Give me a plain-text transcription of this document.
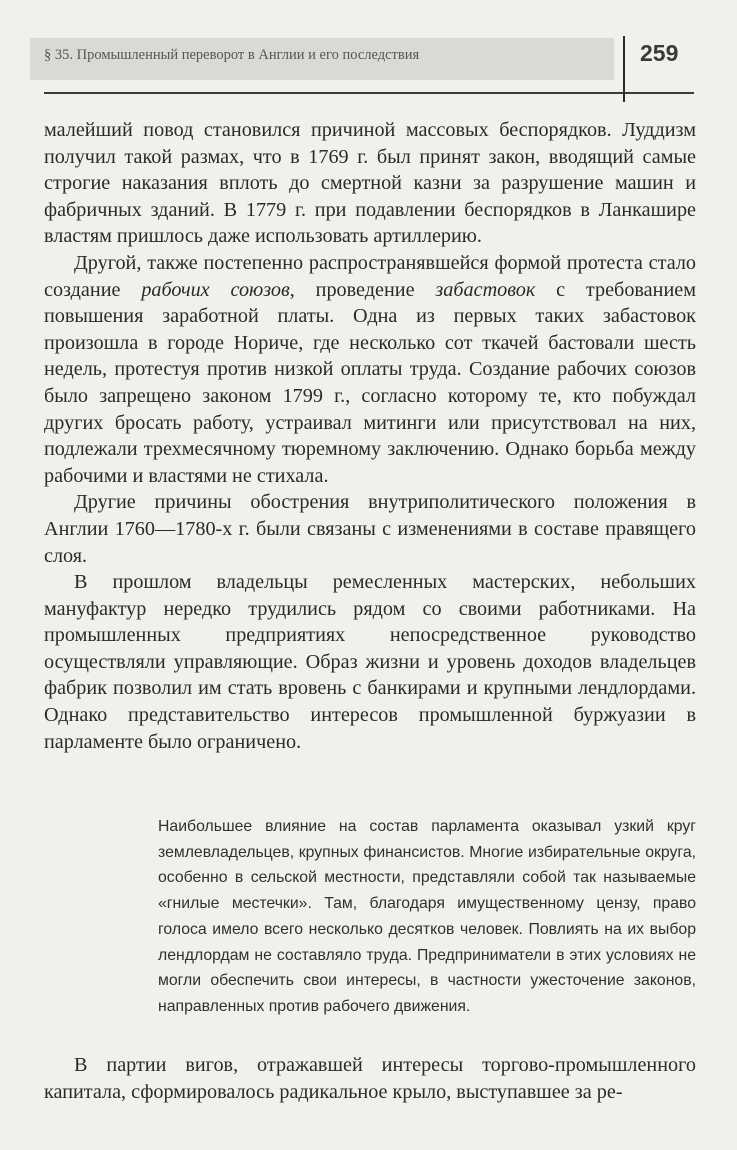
§ 35. Промышленный переворот в Англии и его последствия	259

малейший повод становился причиной массовых беспорядков. Луддизм получил такой размах, что в 1769 г. был принят закон, вводящий самые строгие наказания вплоть до смертной казни за разрушение машин и фабричных зданий. В 1779 г. при подавлении беспорядков в Ланкашире властям пришлось даже использовать артиллерию.

Другой, также постепенно распространявшейся формой протеста стало создание рабочих союзов, проведение забастовок с требованием повышения заработной платы. Одна из первых таких забастовок произошла в городе Нориче, где несколько сот ткачей бастовали шесть недель, протестуя против низкой оплаты труда. Создание рабочих союзов было запрещено законом 1799 г., согласно которому те, кто побуждал других бросать работу, устраивал митинги или присутствовал на них, подлежали трехмесячному тюремному заключению. Однако борьба между рабочими и властями не стихала.

Другие причины обострения внутриполитического положения в Англии 1760—1780-х г. были связаны с изменениями в составе правящего слоя.

В прошлом владельцы ремесленных мастерских, небольших мануфактур нередко трудились рядом со своими работниками. На промышленных предприятиях непосредственное руководство осуществляли управляющие. Образ жизни и уровень доходов владельцев фабрик позволил им стать вровень с банкирами и крупными лендлордами. Однако представительство интересов промышленной буржуазии в парламенте было ограничено.

Наибольшее влияние на состав парламента оказывал узкий круг землевладельцев, крупных финансистов. Многие избирательные округа, особенно в сельской местности, представляли собой так называемые «гнилые местечки». Там, благодаря имущественному цензу, право голоса имело всего несколько десятков человек. Повлиять на их выбор лендлордам не составляло труда. Предприниматели в этих условиях не могли обеспечить свои интересы, в частности ужесточение законов, направленных против рабочего движения.

В партии вигов, отражавшей интересы торгово-промышленного капитала, сформировалось радикальное крыло, выступавшее за ре-
